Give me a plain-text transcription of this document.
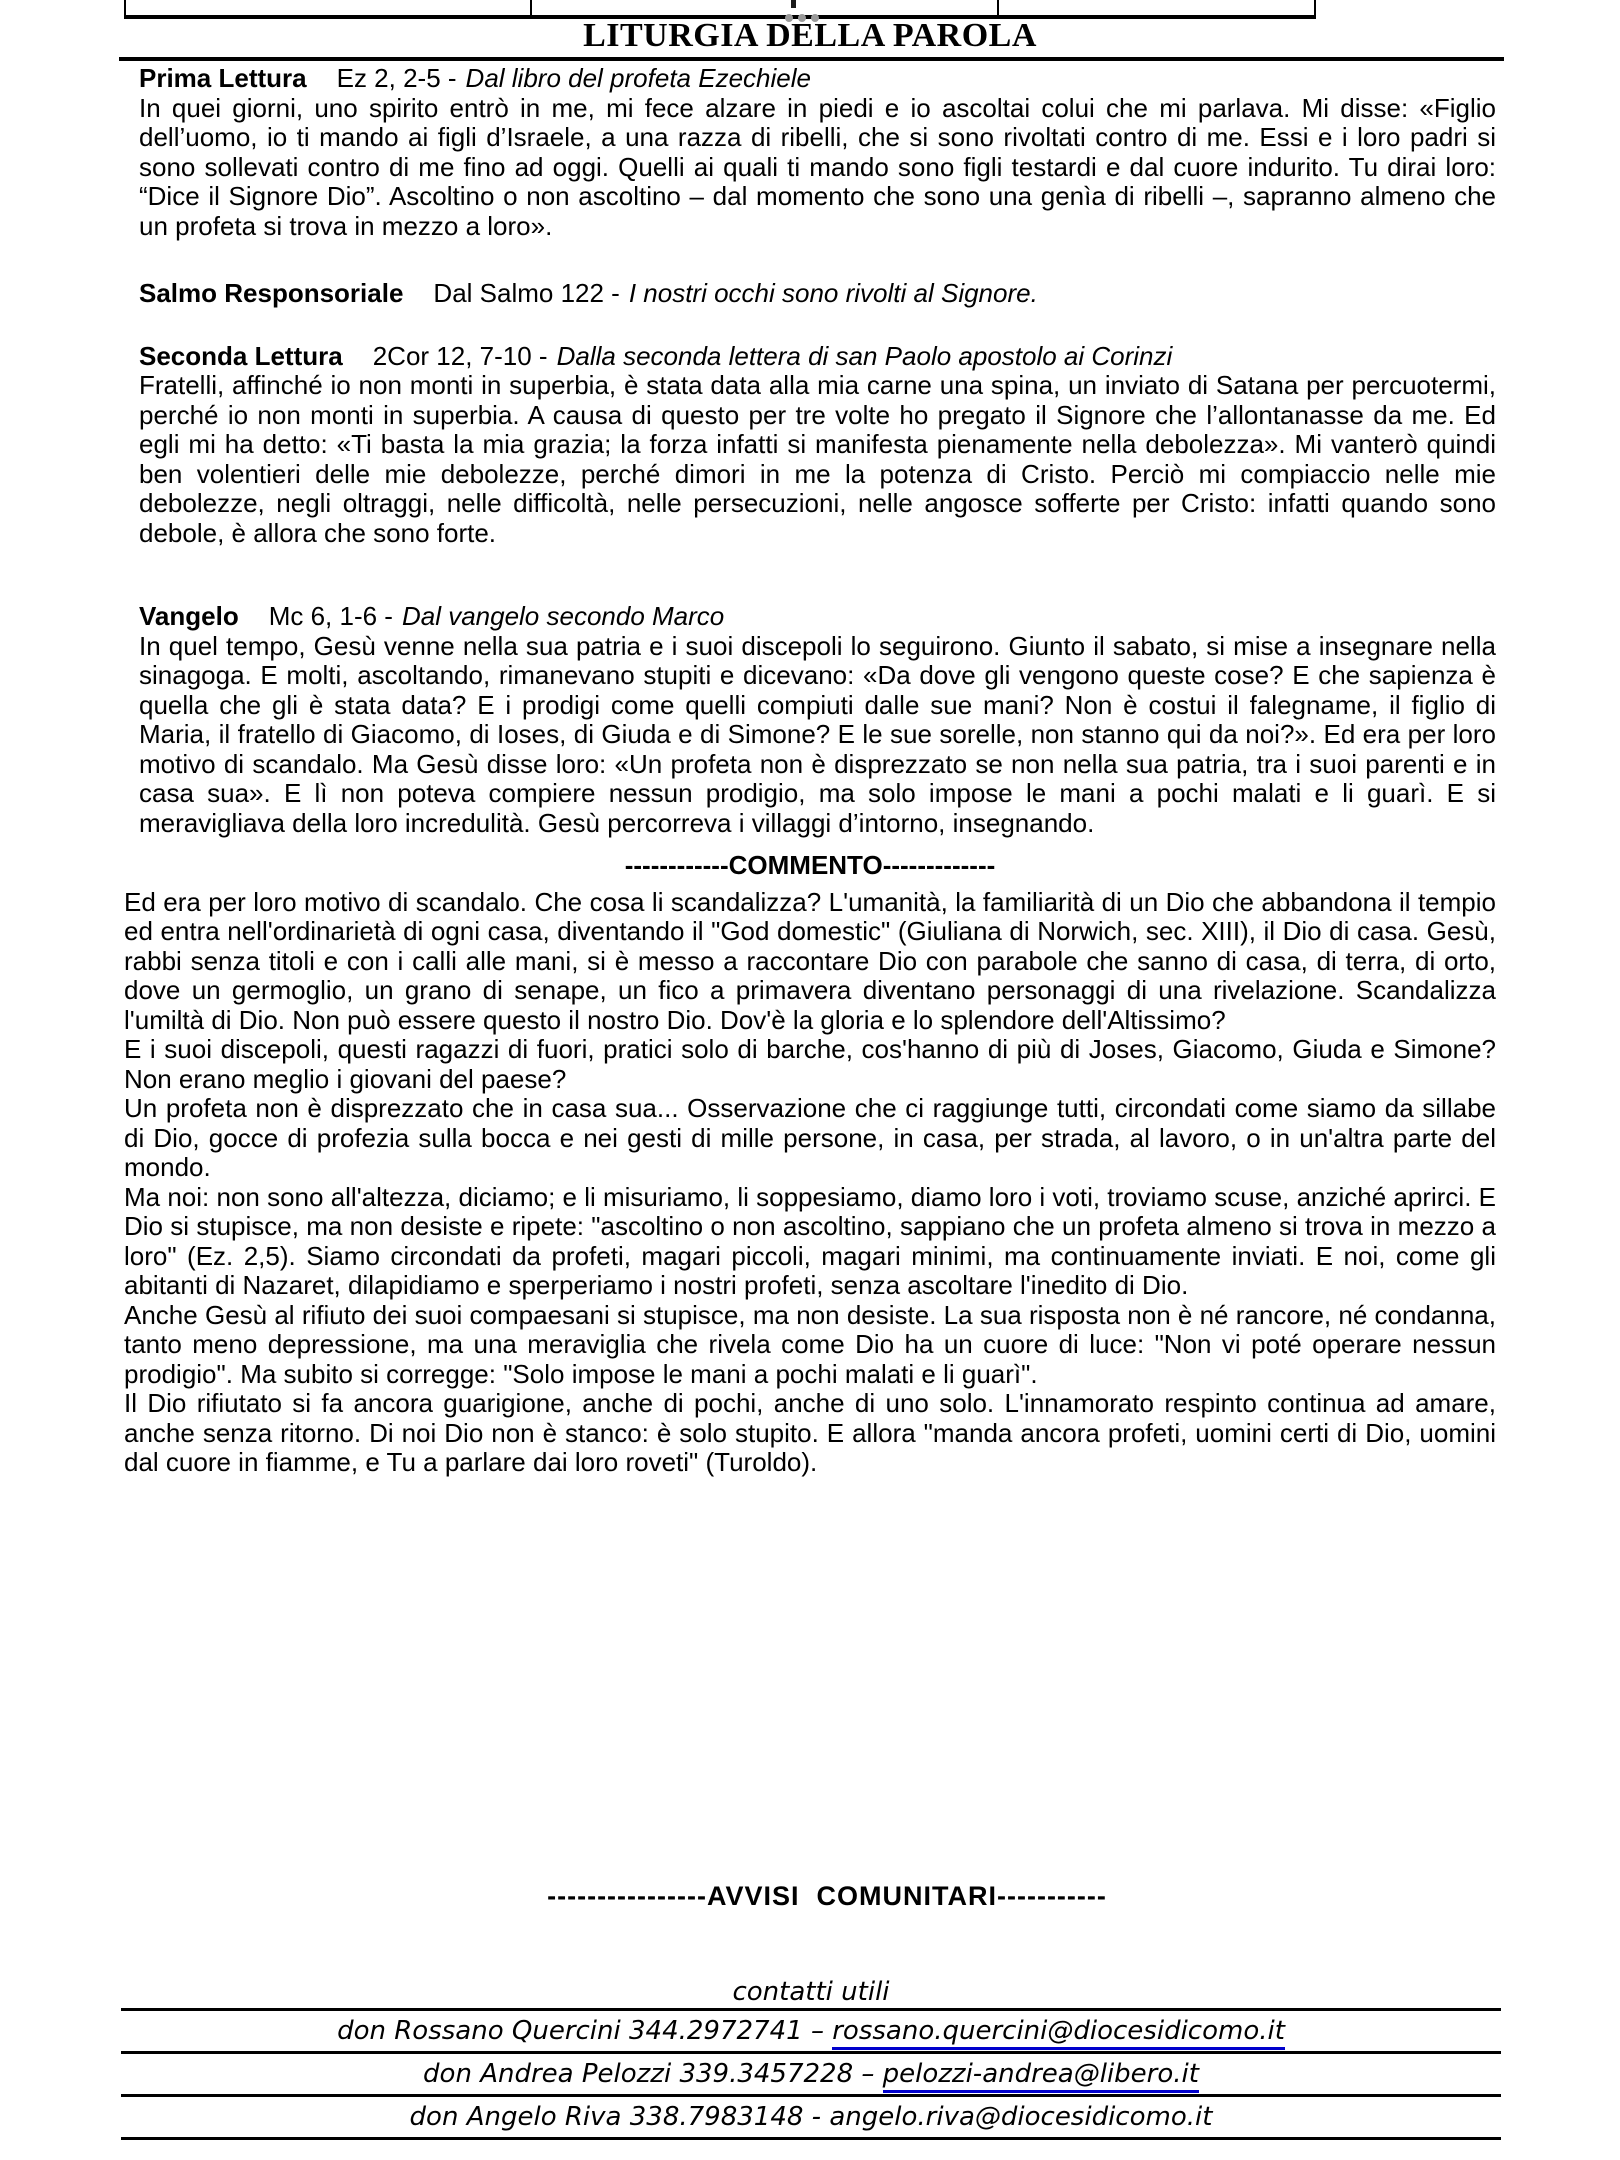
LITURGIA DELLA PAROLA
Prima Lettura Ez 2, 2-5 - Dal libro del profeta Ezechiele

In quei giorni, uno spirito entrò in me, mi fece alzare in piedi e io ascoltai colui che mi parlava. Mi disse: «Figlio dell’uomo, io ti mando ai figli d’Israele, a una razza di ribelli, che si sono rivoltati contro di me. Essi e i loro padri si sono sollevati contro di me fino ad oggi. Quelli ai quali ti mando sono figli testardi e dal cuore indurito. Tu dirai loro: “Dice il Signore Dio”. Ascoltino o non ascoltino – dal momento che sono una genìa di ribelli –, sapranno almeno che un profeta si trova in mezzo a loro».

Salmo Responsoriale Dal Salmo 122 - I nostri occhi sono rivolti al Signore.
Seconda Lettura 2Cor 12, 7-10 - Dalla seconda lettera di san Paolo apostolo ai Corinzi

Fratelli, affinché io non monti in superbia, è stata data alla mia carne una spina, un inviato di Satana per percuotermi, perché io non monti in superbia. A causa di questo per tre volte ho pregato il Signore che l’allontanasse da me. Ed egli mi ha detto: «Ti basta la mia grazia; la forza infatti si manifesta pienamente nella debolezza». Mi vanterò quindi ben volentieri delle mie debolezze, perché dimori in me la potenza di Cristo. Perciò mi compiaccio nelle mie debolezze, negli oltraggi, nelle difficoltà, nelle persecuzioni, nelle angosce sofferte per Cristo: infatti quando sono debole, è allora che sono forte.

Vangelo Mc 6, 1-6 - Dal vangelo secondo Marco

In quel tempo, Gesù venne nella sua patria e i suoi discepoli lo seguirono. Giunto il sabato, si mise a insegnare nella sinagoga. E molti, ascoltando, rimanevano stupiti e dicevano: «Da dove gli vengono queste cose? E che sapienza è quella che gli è stata data? E i prodigi come quelli compiuti dalle sue mani? Non è costui il falegname, il figlio di Maria, il fratello di Giacomo, di Ioses, di Giuda e di Simone? E le sue sorelle, non stanno qui da noi?». Ed era per loro motivo di scandalo. Ma Gesù disse loro: «Un profeta non è disprezzato se non nella sua patria, tra i suoi parenti e in casa sua». E lì non poteva compiere nessun prodigio, ma solo impose le mani a pochi malati e li guarì. E si meravigliava della loro incredulità. Gesù percorreva i villaggi d’intorno, insegnando.

------------COMMENTO-------------

Ed era per loro motivo di scandalo. Che cosa li scandalizza? L'umanità, la familiarità di un Dio che abbandona il tempio ed entra nell'ordinarietà di ogni casa, diventando il "God domestic" (Giuliana di Norwich, sec. XIII), il Dio di casa. Gesù, rabbi senza titoli e con i calli alle mani, si è messo a raccontare Dio con parabole che sanno di casa, di terra, di orto, dove un germoglio, un grano di senape, un fico a primavera diventano personaggi di una rivelazione. Scandalizza l'umiltà di Dio. Non può essere questo il nostro Dio. Dov'è la gloria e lo splendore dell'Altissimo?

E i suoi discepoli, questi ragazzi di fuori, pratici solo di barche, cos'hanno di più di Joses, Giacomo, Giuda e Simone? Non erano meglio i giovani del paese?

Un profeta non è disprezzato che in casa sua... Osservazione che ci raggiunge tutti, circondati come siamo da sillabe di Dio, gocce di profezia sulla bocca e nei gesti di mille persone, in casa, per strada, al lavoro, o in un'altra parte del mondo.

Ma noi: non sono all'altezza, diciamo; e li misuriamo, li soppesiamo, diamo loro i voti, troviamo scuse, anziché aprirci. E Dio si stupisce, ma non desiste e ripete: "ascoltino o non ascoltino, sappiano che un profeta almeno si trova in mezzo a loro" (Ez. 2,5). Siamo circondati da profeti, magari piccoli, magari minimi, ma continuamente inviati. E noi, come gli abitanti di Nazaret, dilapidiamo e sperperiamo i nostri profeti, senza ascoltare l'inedito di Dio.

Anche Gesù al rifiuto dei suoi compaesani si stupisce, ma non desiste. La sua risposta non è né rancore, né condanna, tanto meno depressione, ma una meraviglia che rivela come Dio ha un cuore di luce: "Non vi poté operare nessun prodigio". Ma subito si corregge: "Solo impose le mani a pochi malati e li guarì".

Il Dio rifiutato si fa ancora guarigione, anche di pochi, anche di uno solo. L'innamorato respinto continua ad amare, anche senza ritorno. Di noi Dio non è stanco: è solo stupito. E allora "manda ancora profeti, uomini certi di Dio, uomini dal cuore in fiamme, e Tu a parlare dai loro roveti" (Turoldo).

----------------AVVISI  COMUNITARI-----------

contatti utili
don Rossano Quercini 344.2972741 – rossano.quercini@diocesidicomo.it
don Andrea Pelozzi 339.3457228 – pelozzi-andrea@libero.it
don Angelo Riva 338.7983148 - angelo.riva@diocesidicomo.it
